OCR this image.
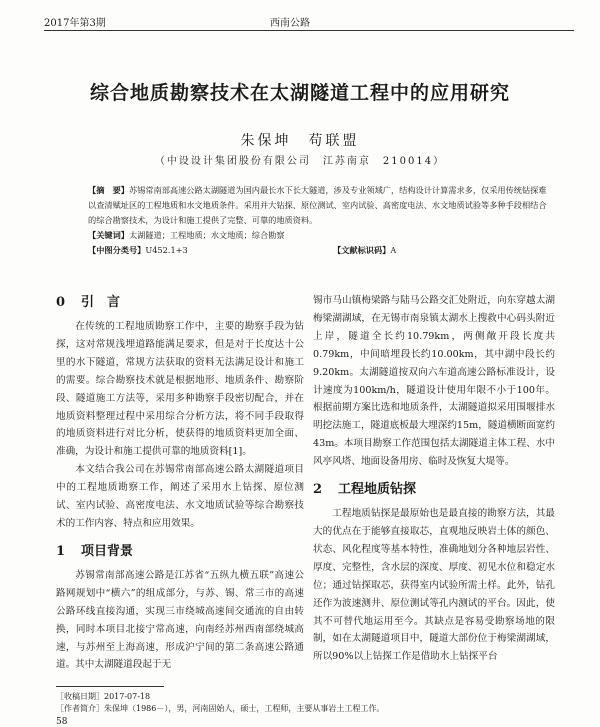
2017年第3期	西南公路
综合地质勘察技术在太湖隧道工程中的应用研究
朱保坤　苟联盟
（中设设计集团股份有限公司　江苏南京　210014）
【摘　要】苏锡常南部高速公路太湖隧道为国内最长水下长大隧道，涉及专业领域广，结构设计计算需求多，仅采用传统钻探难以查清赋址区的工程地质和水文地质条件。采用并大钻探、原位测试、室内试验、高密度电法、水文地质试验等多种手段相结合的综合勘察技术，为设计和施工提供了完整、可靠的地质资料。
【关键词】太湖隧道；工程地质；水文地质；综合勘察
【中图分类号】U452.1+3	【文献标识码】A
0 引　言

在传统的工程地质勘察工作中，主要的勘察手段为钻探，这对常规浅埋道路能满足要求，但是对于长度达十公里的水下隧道，常规方法获取的资料无法满足设计和施工的需要。综合勘察技术就是根据地形、地质条件、勘察阶段、隧道施工方法等，采用多种勘察手段密切配合，并在地质资料整理过程中采用综合分析方法，将不同手段取得的地质资料进行对比分析，使获得的地质资料更加全面、准确，为设计和施工提供可靠的地质资料[1]。

本文结合我公司在苏锡常南部高速公路太湖隧道项目中的工程地质勘察工作，阐述了采用水上钻探、原位测试、室内试验、高密度电法、水文地质试验等综合勘察技术的工作内容、特点和应用效果。

1 项目背景

苏锡常南部高速公路是江苏省“五纵九横五联”高速公路网规划中“横六”的组成部分，与苏、锡、常三市的高速公路环线直接沟通，实现三市绕城高速间交通流的自由转换，同时本项目北接宁常高速，向南经苏州西南部绕城高速，与苏州至上海高速，形成沪宁间的第二条高速公路通道。其中太湖隧道段起于无

锡市马山镇梅梁路与陆马公路交汇处附近，向东穿越太湖梅梁湖湖域，在无锡市南泉镇太湖水上搜救中心码头附近上岸，隧道全长约10.79km，两侧敞开段长度共0.79km，中间暗埋段长约10.00km，其中湖中段长约9.20km。太湖隧道按双向六车道高速公路标准设计，设计速度为100km/h，隧道设计使用年限不小于100年。根据前期方案比选和地质条件，太湖隧道拟采用围堰排水明挖法施工，隧道底板最大埋深约15m，隧道横断面宽约43m。本项目勘察工作范围包括太湖隧道主体工程、水中风亭风塔、地面设备用房、临时及恢复大堤等。

2 工程地质钻探

工程地质钻探是最原始也是最直接的勘察方法，其最大的优点在于能够直接取芯，直观地反映岩土体的颜色、状态、风化程度等基本特性，准确地划分各种地层岩性、厚度、完整性，含水层的深度、厚度、初见水位和稳定水位；通过钻探取芯，获得室内试验所需土样。此外，钻孔还作为波速测井、原位测试等孔内测试的平台。因此，使其不可替代地运用至今。其缺点是容易受勘察场地的限制，如在太湖隧道项目中，隧道大部份位于梅梁湖湖域，所以90%以上钻探工作是借助水上钻探平台

［收稿日期］2017-07-18
［作者简介］朱保坤（1986－），男，河南固始人，硕士，工程师，主要从事岩土工程工作。
58
